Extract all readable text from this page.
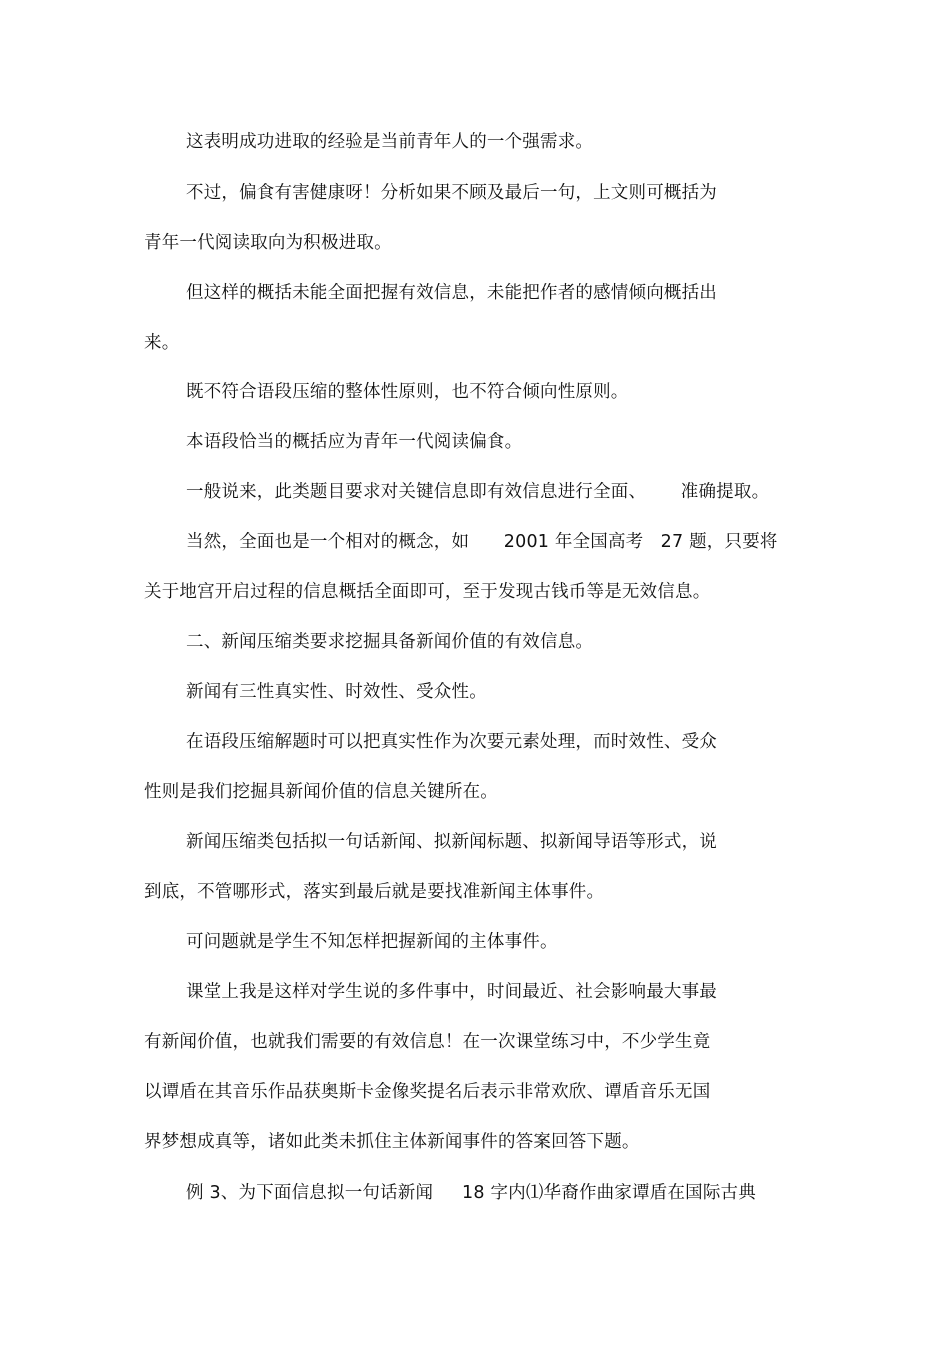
这表明成功进取的经验是当前青年人的一个强需求。
不过，偏食有害健康呀！分析如果不顾及最后一句，上文则可概括为
青年一代阅读取向为积极进取。
但这样的概括未能全面把握有效信息，未能把作者的感情倾向概括出
来。
既不符合语段压缩的整体性原则，也不符合倾向性原则。
本语段恰当的概括应为青年一代阅读偏食。
一般说来，此类题目要求对关键信息即有效信息进行全面、      准确提取。
当然，全面也是一个相对的概念，如      2001 年全国高考   27 题，只要将
关于地宫开启过程的信息概括全面即可，至于发现古钱币等是无效信息。
二、新闻压缩类要求挖掘具备新闻价值的有效信息。
新闻有三性真实性、时效性、受众性。
在语段压缩解题时可以把真实性作为次要元素处理，而时效性、受众
性则是我们挖掘具新闻价值的信息关键所在。
新闻压缩类包括拟一句话新闻、拟新闻标题、拟新闻导语等形式，说
到底，不管哪形式，落实到最后就是要找准新闻主体事件。
可问题就是学生不知怎样把握新闻的主体事件。
课堂上我是这样对学生说的多件事中，时间最近、社会影响最大事最
有新闻价值，也就我们需要的有效信息！在一次课堂练习中，不少学生竟
以谭盾在其音乐作品获奥斯卡金像奖提名后表示非常欢欣、谭盾音乐无国
界梦想成真等，诸如此类未抓住主体新闻事件的答案回答下题。
例 3、为下面信息拟一句话新闻     18 字内⑴华裔作曲家谭盾在国际古典
